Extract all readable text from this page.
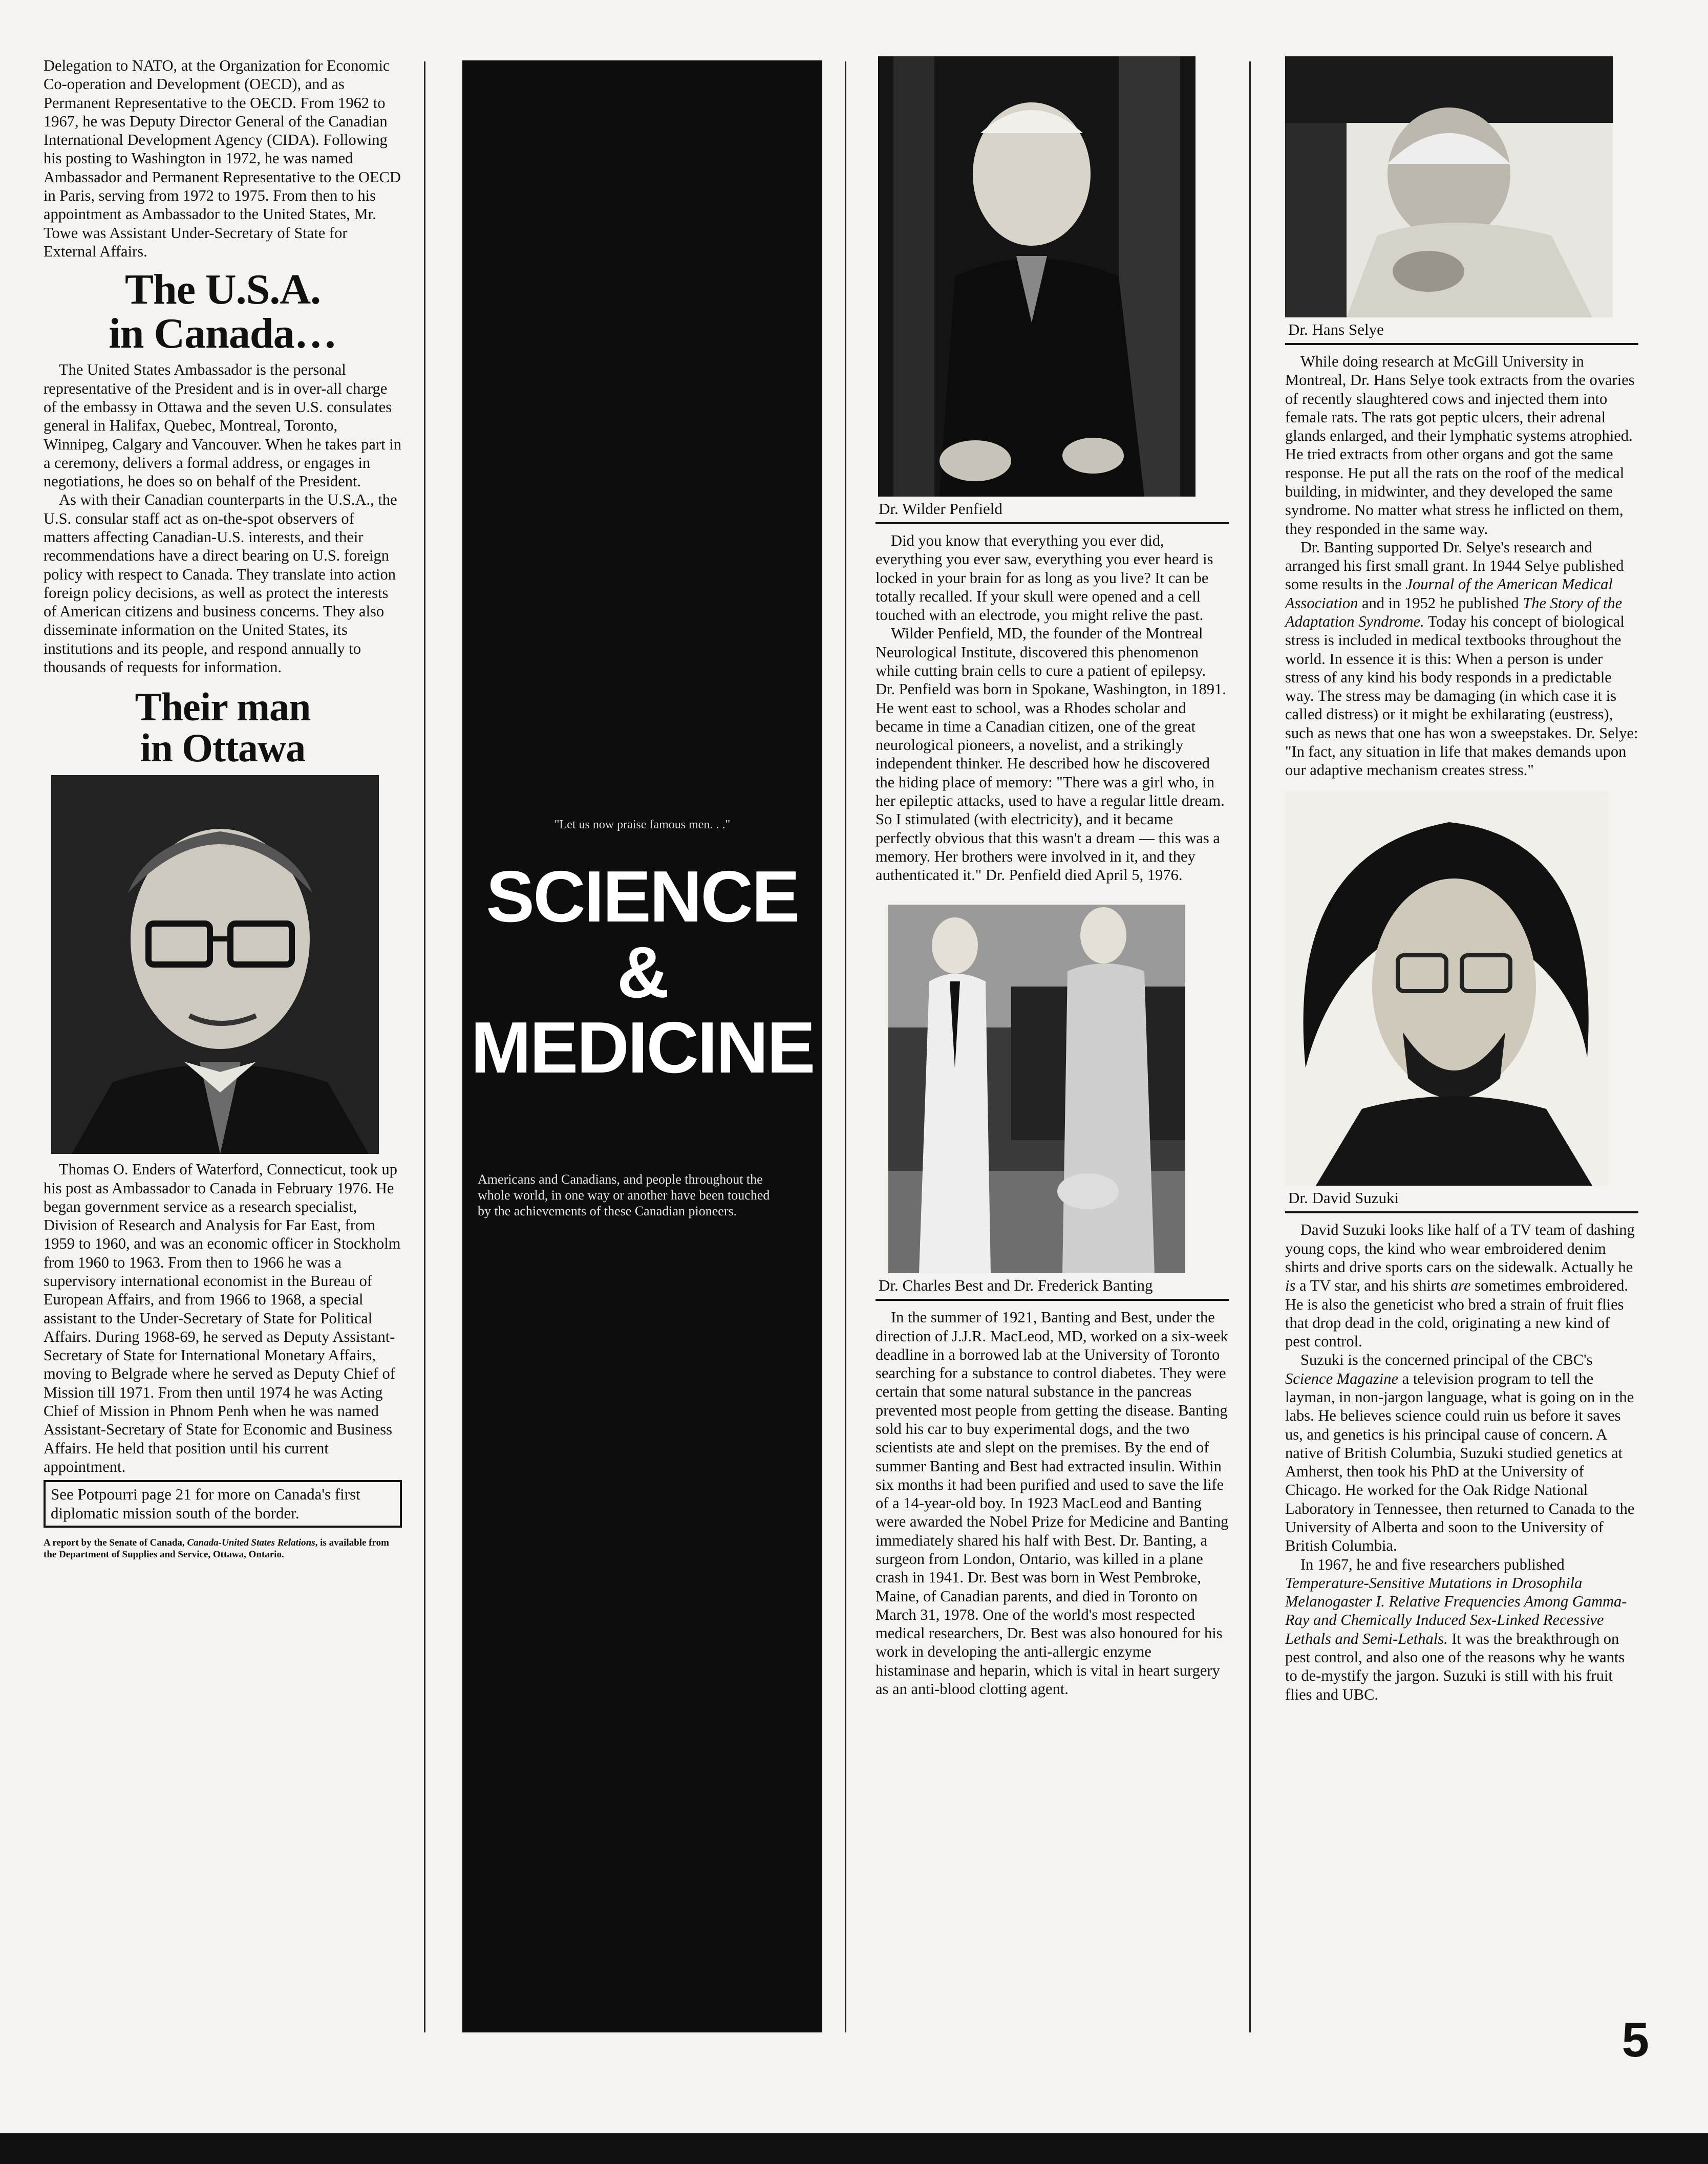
Delegation to NATO, at the Organization for Economic Co-operation and Development (OECD), and as Permanent Representative to the OECD. From 1962 to 1967, he was Deputy Director General of the Canadian International Development Agency (CIDA). Following his posting to Washington in 1972, he was named Ambassador and Permanent Representative to the OECD in Paris, serving from 1972 to 1975. From then to his appointment as Ambassador to the United States, Mr. Towe was Assistant Under-Secretary of State for External Affairs.

The U.S.A.
in Canada…

The United States Ambassador is the personal representative of the President and is in over-all charge of the embassy in Ottawa and the seven U.S. consulates general in Halifax, Quebec, Montreal, Toronto, Winnipeg, Calgary and Vancouver. When he takes part in a ceremony, delivers a formal address, or engages in negotiations, he does so on behalf of the President.

As with their Canadian counterparts in the U.S.A., the U.S. consular staff act as on-the-spot observers of matters affecting Canadian-U.S. interests, and their recommendations have a direct bearing on U.S. foreign policy with respect to Canada. They translate into action foreign policy decisions, as well as protect the interests of American citizens and business concerns. They also disseminate information on the United States, its institutions and its people, and respond annually to thousands of requests for information.

Their man
in Ottawa

Thomas O. Enders of Waterford, Connecticut, took up his post as Ambassador to Canada in February 1976. He began government service as a research specialist, Division of Research and Analysis for Far East, from 1959 to 1960, and was an economic officer in Stockholm from 1960 to 1963. From then to 1966 he was a supervisory international economist in the Bureau of European Affairs, and from 1966 to 1968, a special assistant to the Under-Secretary of State for Political Affairs. During 1968-69, he served as Deputy Assistant-Secretary of State for International Monetary Affairs, moving to Belgrade where he served as Deputy Chief of Mission till 1971. From then until 1974 he was Acting Chief of Mission in Phnom Penh when he was named Assistant-Secretary of State for Economic and Business Affairs. He held that position until his current appointment.

See Potpourri page 21 for more on Canada's first diplomatic mission south of the border.
A report by the Senate of Canada, Canada-United States Relations, is available from the Department of Supplies and Service, Ottawa, Ontario.
"Let us now praise famous men. . ."
SCIENCE
&
MEDICINE
Americans and Canadians, and people throughout the whole world, in one way or another have been touched by the achievements of these Canadian pioneers.
Dr. Wilder Penfield

Did you know that everything you ever did, everything you ever saw, everything you ever heard is locked in your brain for as long as you live? It can be totally recalled. If your skull were opened and a cell touched with an electrode, you might relive the past.

Wilder Penfield, MD, the founder of the Montreal Neurological Institute, discovered this phenomenon while cutting brain cells to cure a patient of epilepsy. Dr. Penfield was born in Spokane, Washington, in 1891. He went east to school, was a Rhodes scholar and became in time a Canadian citizen, one of the great neurological pioneers, a novelist, and a strikingly independent thinker. He described how he discovered the hiding place of memory: "There was a girl who, in her epileptic attacks, used to have a regular little dream. So I stimulated (with electricity), and it became perfectly obvious that this wasn't a dream — this was a memory. Her brothers were involved in it, and they authenticated it." Dr. Penfield died April 5, 1976.

Dr. Charles Best and Dr. Frederick Banting

In the summer of 1921, Banting and Best, under the direction of J.J.R. MacLeod, MD, worked on a six-week deadline in a borrowed lab at the University of Toronto searching for a substance to control diabetes. They were certain that some natural substance in the pancreas prevented most people from getting the disease. Banting sold his car to buy experimental dogs, and the two scientists ate and slept on the premises. By the end of summer Banting and Best had extracted insulin. Within six months it had been purified and used to save the life of a 14-year-old boy. In 1923 MacLeod and Banting were awarded the Nobel Prize for Medicine and Banting immediately shared his half with Best. Dr. Banting, a surgeon from London, Ontario, was killed in a plane crash in 1941. Dr. Best was born in West Pembroke, Maine, of Canadian parents, and died in Toronto on March 31, 1978. One of the world's most respected medical researchers, Dr. Best was also honoured for his work in developing the anti-allergic enzyme histaminase and heparin, which is vital in heart surgery as an anti-blood clotting agent.

Dr. Hans Selye

While doing research at McGill University in Montreal, Dr. Hans Selye took extracts from the ovaries of recently slaughtered cows and injected them into female rats. The rats got peptic ulcers, their adrenal glands enlarged, and their lymphatic systems atrophied. He tried extracts from other organs and got the same response. He put all the rats on the roof of the medical building, in midwinter, and they developed the same syndrome. No matter what stress he inflicted on them, they responded in the same way.

Dr. Banting supported Dr. Selye's research and arranged his first small grant. In 1944 Selye published some results in the Journal of the American Medical Association and in 1952 he published The Story of the Adaptation Syndrome. Today his concept of biological stress is included in medical textbooks throughout the world. In essence it is this: When a person is under stress of any kind his body responds in a predictable way. The stress may be damaging (in which case it is called distress) or it might be exhilarating (eustress), such as news that one has won a sweepstakes. Dr. Selye: "In fact, any situation in life that makes demands upon our adaptive mechanism creates stress."

Dr. David Suzuki

David Suzuki looks like half of a TV team of dashing young cops, the kind who wear embroidered denim shirts and drive sports cars on the sidewalk. Actually he is a TV star, and his shirts are sometimes embroidered. He is also the geneticist who bred a strain of fruit flies that drop dead in the cold, originating a new kind of pest control.

Suzuki is the concerned principal of the CBC's Science Magazine a television program to tell the layman, in non-jargon language, what is going on in the labs. He believes science could ruin us before it saves us, and genetics is his principal cause of concern. A native of British Columbia, Suzuki studied genetics at Amherst, then took his PhD at the University of Chicago. He worked for the Oak Ridge National Laboratory in Tennessee, then returned to Canada to the University of Alberta and soon to the University of British Columbia.

In 1967, he and five researchers published Temperature-Sensitive Mutations in Drosophila Melanogaster I. Relative Frequencies Among Gamma-Ray and Chemically Induced Sex-Linked Recessive Lethals and Semi-Lethals. It was the breakthrough on pest control, and also one of the reasons why he wants to de-mystify the jargon. Suzuki is still with his fruit flies and UBC.

5
